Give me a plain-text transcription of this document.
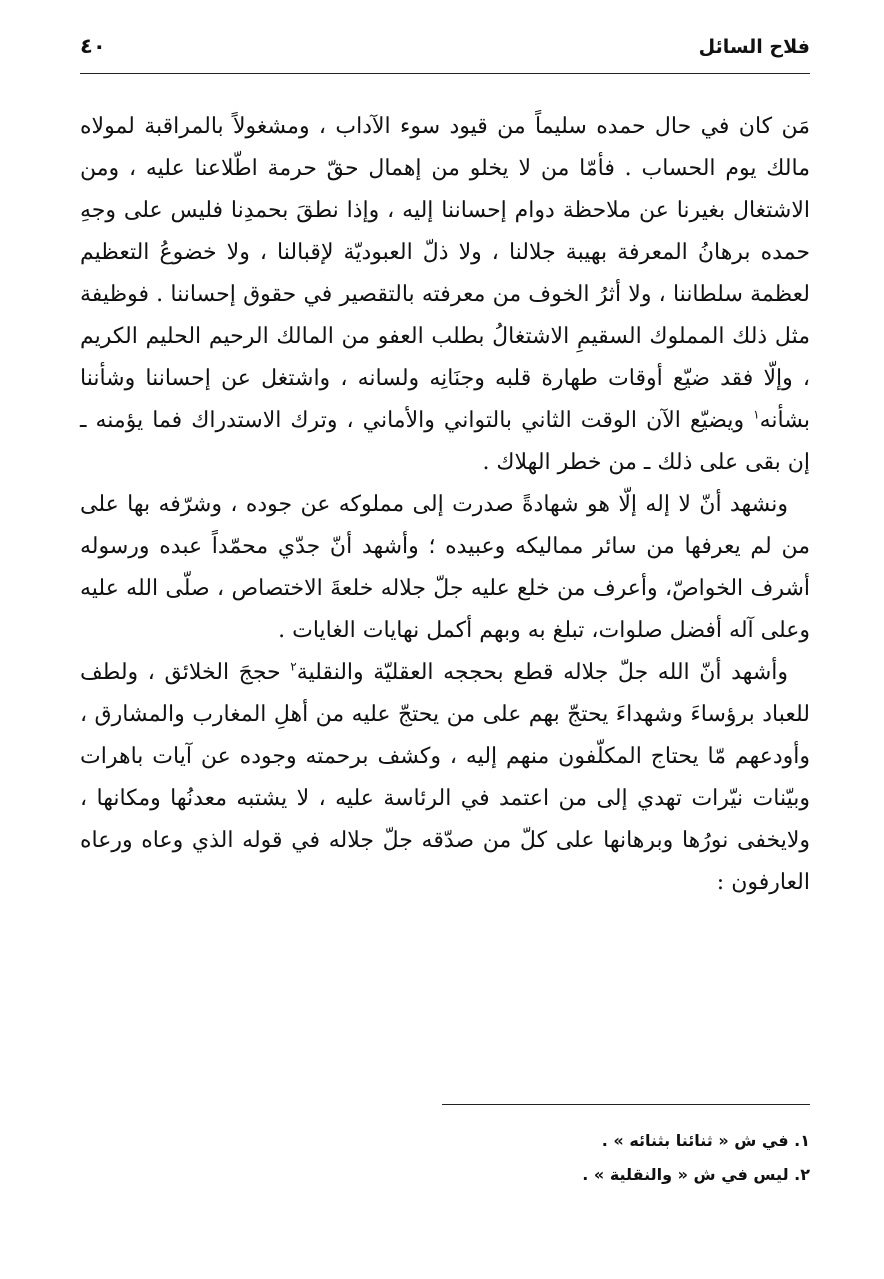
فلاح السائل
٤٠

مَن كان في حال حمده سليماً من قيود سوء الآداب ، ومشغولاً بالمراقبة لمولاه مالك يوم الحساب . فأمّا من لا يخلو من إهمال حقّ حرمة اطّلاعنا عليه ، ومن الاشتغال بغيرنا عن ملاحظة دوام إحساننا إليه ، وإذا نطقَ بحمدِنا فليس على وجهِ حمده برهانُ المعرفة بهيبة جلالنا ، ولا ذلّ العبوديّة لإقبالنا ، ولا خضوعُ التعظيم لعظمة سلطاننا ، ولا أثرُ الخوف من معرفته بالتقصير في حقوق إحساننا . فوظيفة مثل ذلك المملوك السقيمِ الاشتغالُ بطلب العفو من المالك الرحيم الحليم الكريم ، وإلّا فقد ضيّع أوقات طهارة قلبه وجنَانِه ولسانه ، واشتغل عن إحساننا وشأننا بشأنه$^١$ ويضيّع الآن الوقت الثاني بالتواني والأماني ، وترك الاستدراك فما يؤمنه ـ إن بقى على ذلك ـ من خطر الهلاك .

ونشهد أنّ لا إله إلّا هو شهادةً صدرت إلى مملوكه عن جوده ، وشرّفه بها على من لم يعرفها من سائر ممالیكه وعبيده ؛ وأشهد أنّ جدّي محمّداً عبده ورسوله أشرف الخواصّ، وأعرف من خلع عليه جلّ جلاله خلعةَ الاختصاص ، صلّى الله عليه وعلى آله أفضل صلوات، تبلغ به وبهم أكمل نهايات الغايات .

وأشهد أنّ الله جلّ جلاله قطع بحججه العقليّة والنقلية$^٢$ حججَ الخلائق ، ولطف للعباد برؤساءَ وشهداءَ يحتجّ بهم على من يحتجّ عليه من أهلِ المغارب والمشارق ، وأودعهم مّا يحتاج المكلّفون منهم إليه ، وكشف برحمته وجوده عن آيات باهرات وبيّنات نيّرات تهدي إلى من اعتمد في الرئاسة عليه ، لا يشتبه معدنُها ومكانها ، ولايخفى نورُها وبرهانها على كلّ من صدّقه جلّ جلاله في قوله الذي وعاه ورعاه العارفون :

١. في ش « ثنائنا بثنائه » .
٢. ليس في ش « والنقلية » .
